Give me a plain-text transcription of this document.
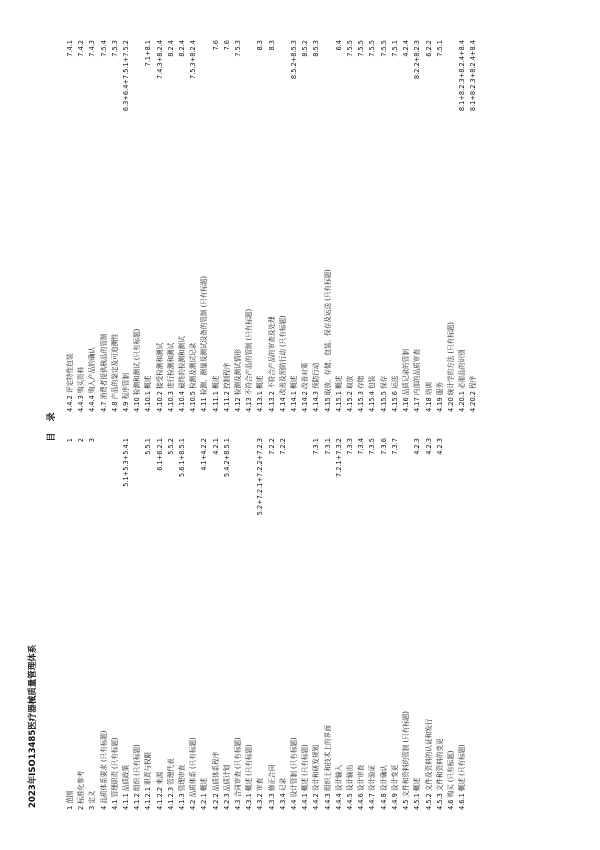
2023年ISO13485医疗器械质量管理体系
目 录
1 范围
1
2 标准化参考
2
3 定义
3
4 品质体系要求 (只有标题) 4.1 管理职责 (只有标题) 4.1.1 品质政策
5.1+5.3+5.4.1
4.1.2 组织 (只有标题) 4.1.2.1 职责与权限
5.5.1
4.1.2.2 来源
6.1+6.2.1
4.1.2.3 管理代表
5.5.2
4.1.3 管理审查
5.6.1+8.5.1
4.2 品质体系 (只有标题) 4.2.1 概述
4.1+4.2.2
4.2.2 品质体系程序
4.2.1
4.2.3 品质计划
5.4.2+8.5.1
4.3 合同审查 (只有标题) 4.3.1 概述 (只有标题) 4.3.2 审查
5.2+7.2.1+7.2.2+7.2.3
4.3.3 修正合同
7.2.2
4.3.4 记录
7.2.2
4.4 设计管制 (只有标题) 4.4.1 概述 (只有标题) 4.4.2 设计和研发规划
7.3.1
4.4.3 组织上和技术上的界面
7.3.1
4.4.4 设计输入
7.2.1+7.3.2
4.4.5 设计输出
7.3.3
4.4.6 设计审查
7.3.4
4.4.7 设计验证
7.3.5
4.4.8 设计确认
7.3.6
4.4.9 设计变更
7.3.7
4.5 文件和资料的管制 (只有标题) 4.5.1 概述
4.2.3
4.5.2 文件及资料的认证和发行
4.2.3
4.5.3 文件和资料的变更
4.2.3
4.6 购买 (只有标题) 4.6.1 概述 (只有标题)
4.4.2 评定特性包装
7.4.1
4.4.3 购买资料
7.4.2
4.4.4 购入产品的确认
7.4.3
4.7 消费者提供核品的管制
7.5.4
4.8 产品的鉴定及可追溯性
7.5.3
4.9 程序管制
6.3+6.4+7.5.1+7.5.2
4.10 检测和测试 (只有标题) 4.10.1 概述
7.1+8.1
4.10.2 接受检测和测试
7.4.3+8.2.4
4.10.3 进行检测和测试
8.2.4
4.10.4 最终的检测和测试
8.2.4
4.10.5 检测及测试记录
7.5.3+8.2.4
4.11 检测、测量及测试设备的管制 (只有标题) 4.11.1 概述
7.6
4.11.2 控制程序
7.6
4.12 检测及测试情形
7.5.3
4.13 不符合产品的管制 (只有标题) 4.13.1 概述
8.3
4.13.2 不符合产品的审查及处理
8.3
4.14 改善及预防行动 (只有标题) 4.14.1 概述
8.5.2+8.5.3
4.14.2 改善对策
8.5.2
4.14.3 预防行动
8.5.3
4.15 取放、存储、包装、保存及运送 (只有标题) 4.15.1 概述
6.4
4.15.2 取放
7.5.5
4.15.3 存储
7.5.5
4.15.4 包装
7.5.5
4.15.5 保存
7.5.5
4.15.6 运送
7.5.1
4.16 品质记录的管制
4.2.4
4.17 内部的品质审查
8.2.2+8.2.3
4.18 培训
6.2.2
4.19 服务
7.5.1
4.20 统计学的方法 (只有标题) 4.20.1 必需品的识别
8.1+8.2.3+8.2.4+8.4
4.20.2 程序
8.1+8.2.3+8.2.4+8.4
